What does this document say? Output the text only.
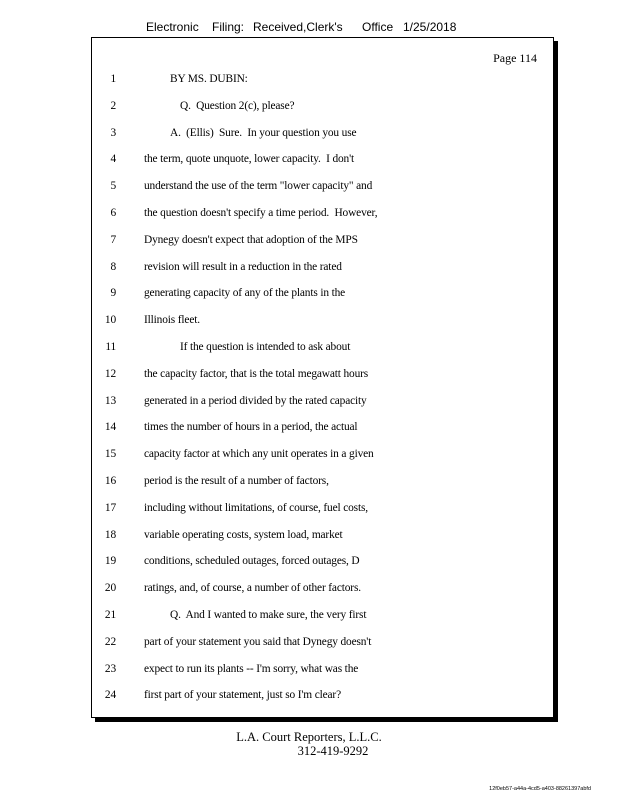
Electronic Filing: Received,Clerk's Office 1/25/2018
Page 114
1	BY MS. DUBIN:
2	Q.  Question 2(c), please?
3	A.  (Ellis)  Sure.  In your question you use
4 the term, quote unquote, lower capacity.  I don't
5 understand the use of the term "lower capacity" and
6 the question doesn't specify a time period.  However,
7 Dynegy doesn't expect that adoption of the MPS
8 revision will result in a reduction in the rated
9 generating capacity of any of the plants in the
10 Illinois fleet.
11	If the question is intended to ask about
12 the capacity factor, that is the total megawatt hours
13 generated in a period divided by the rated capacity
14 times the number of hours in a period, the actual
15 capacity factor at which any unit operates in a given
16 period is the result of a number of factors,
17 including without limitations, of course, fuel costs,
18 variable operating costs, system load, market
19 conditions, scheduled outages, forced outages, D
20 ratings, and, of course, a number of other factors.
21	Q.  And I wanted to make sure, the very first
22 part of your statement you said that Dynegy doesn't
23 expect to run its plants -- I'm sorry, what was the
24 first part of your statement, just so I'm clear?
L.A. Court Reporters, L.L.C.
312-419-9292
12f0eb57-a44a-4cd5-a403-88261397abfd
